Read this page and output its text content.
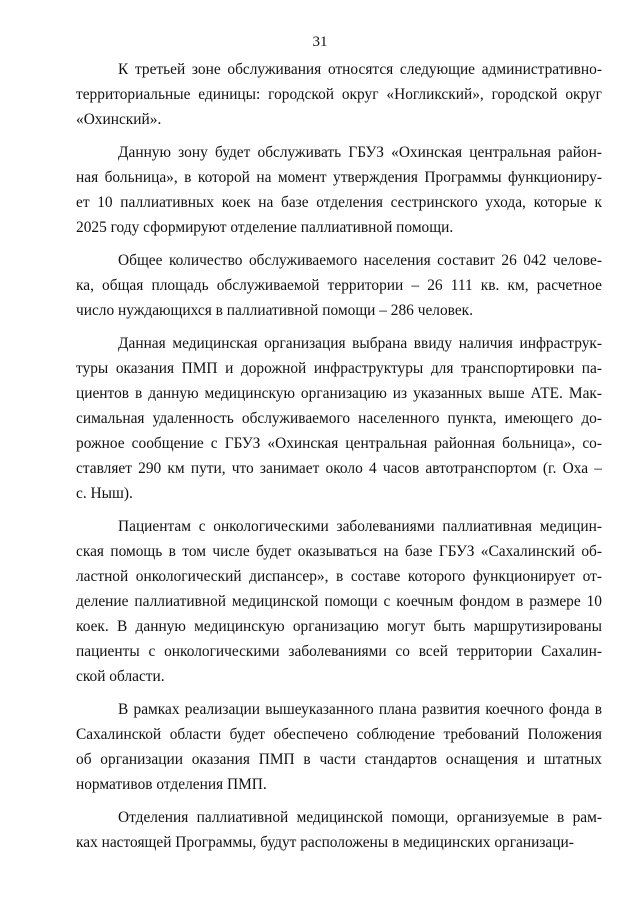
31
К третьей зоне обслуживания относятся следующие административно-
территориальные единицы: городской округ «Ногликский», городской округ
«Охинский».
Данную зону будет обслуживать ГБУЗ «Охинская центральная район-
ная больница», в которой на момент утверждения Программы функциониру-
ет 10 паллиативных коек на базе отделения сестринского ухода, которые к
2025 году сформируют отделение паллиативной помощи.
Общее количество обслуживаемого населения составит 26 042 челове-
ка, общая площадь обслуживаемой территории – 26 111 кв. км, расчетное
число нуждающихся в паллиативной помощи – 286 человек.
Данная медицинская организация выбрана ввиду наличия инфраструк-
туры оказания ПМП и дорожной инфраструктуры для транспортировки па-
циентов в данную медицинскую организацию из указанных выше АТЕ. Мак-
симальная удаленность обслуживаемого населенного пункта, имеющего до-
рожное сообщение с ГБУЗ «Охинская центральная районная больница», со-
ставляет 290 км пути, что занимает около 4 часов автотранспортом (г. Оха –
с. Ныш).
Пациентам с онкологическими заболеваниями паллиативная медицин-
ская помощь в том числе будет оказываться на базе ГБУЗ «Сахалинский об-
ластной онкологический диспансер», в составе которого функционирует от-
деление паллиативной медицинской помощи с коечным фондом в размере 10
коек. В данную медицинскую организацию могут быть маршрутизированы
пациенты с онкологическими заболеваниями со всей территории Сахалин-
ской области.
В рамках реализации вышеуказанного плана развития коечного фонда в
Сахалинской области будет обеспечено соблюдение требований Положения
об организации оказания ПМП в части стандартов оснащения и штатных
нормативов отделения ПМП.
Отделения паллиативной медицинской помощи, организуемые в рам-
ках настоящей Программы, будут расположены в медицинских организаци-
